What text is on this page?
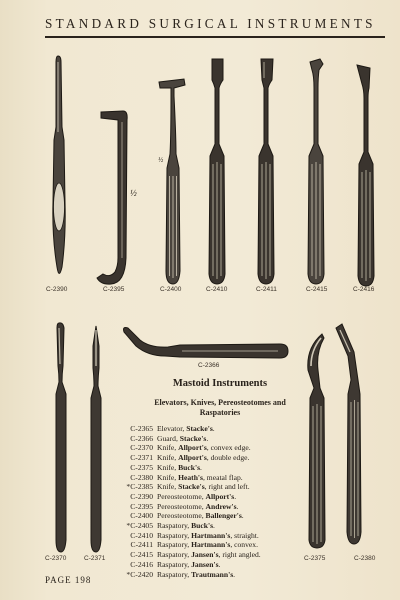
STANDARD SURGICAL INSTRUMENTS
C-2390
½
C-2395
½
C-2400	C-2410	C-2411	C-2415	C-2416
C-2366
C-2370	C-2371	C-2375	C-2380
Mastoid Instruments
Elevators, Knives, Pereosteotomes and
Raspatories
C-2365 Elevator, Stacke's.
C-2366 Guard, Stacke's.
C-2370 Knife, Allport's, convex edge.
C-2371 Knife, Allport's, double edge.
C-2375 Knife, Buck's.
C-2380 Knife, Heath's, meatal flap.
*C-2385 Knife, Stacke's, right and left.
C-2390 Pereosteotome, Allport's.
C-2395 Pereosteotome, Andrew's.
C-2400 Pereosteotome, Ballenger's.
*C-2405 Raspatory, Buck's.
C-2410 Raspatory, Hartmann's, straight.
C-2411 Raspatory, Hartmann's, convex.
C-2415 Raspatory, Jansen's, right angled.
C-2416 Raspatory, Jansen's.
*C-2420 Raspatory, Trautmann's.
PAGE 198
